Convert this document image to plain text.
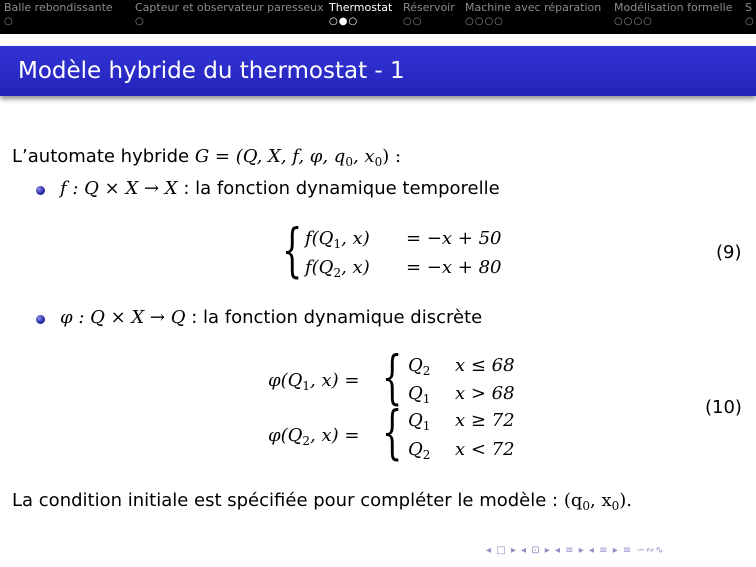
Balle rebondissante
○
Capteur et observateur paresseux
○
Thermostat
○●○
Réservoir
○○
Machine avec réparation
○○○○
Modélisation formelle
○○○○
S
○
Modèle hybride du thermostat - 1
L’automate hybride G = (Q, X, f, φ, $q_0$, $x_0$) :
f : Q × X → X : la fonction dynamique temporelle
{ $f(Q_1$, x) = −x + 50
$f(Q_2$, x) = −x + 80
(9)
φ : Q × X → Q : la fonction dynamique discrète
$\varphi(Q_1$, x) = { $Q_2$ x ≤ 68
$Q_1$ x > 68
$\varphi(Q_2$, x) = { $Q_1$ x ≥ 72
$Q_2$ x < 72
(10)
La condition initiale est spécifiée pour compléter le modèle : ($q_0$, $x_0$).
◂ □ ▸ ◂ ⊡ ▸ ◂ ≡ ▸ ◂ ≡ ▸ ≡ ∽∾∿
